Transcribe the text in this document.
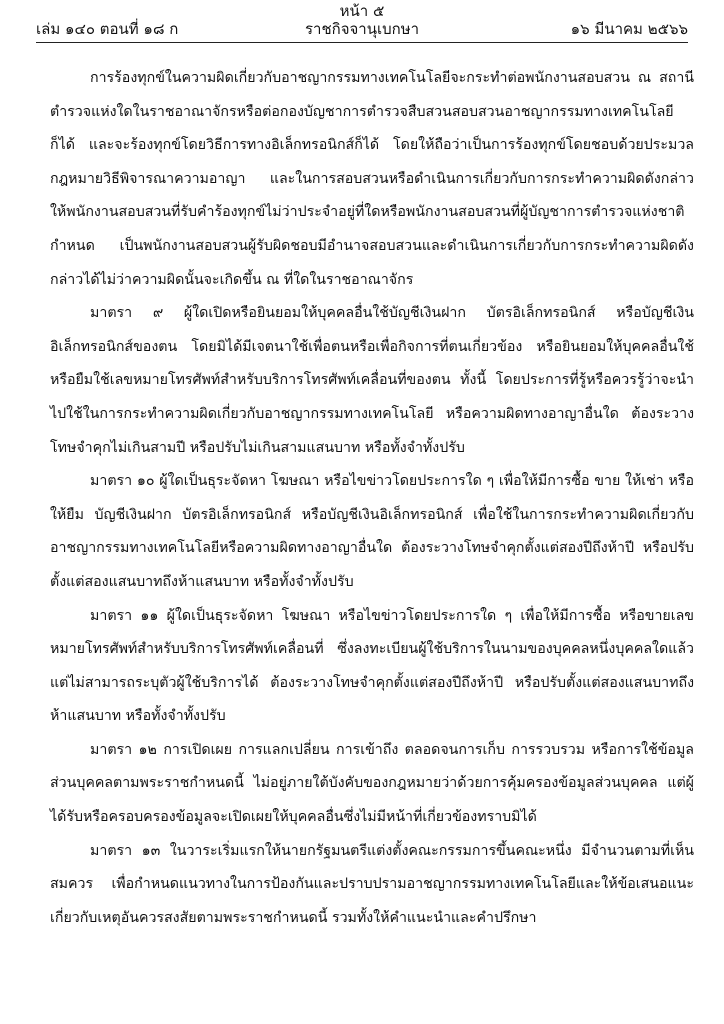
หน้า ๕
เล่ม ๑๔๐ ตอนที่ ๑๘ ก	ราชกิจจานุเบกษา	๑๖ มีนาคม ๒๕๖๖

การร้องทุกข์ในความผิดเกี่ยวกับอาชญากรรมทางเทคโนโลยีจะกระทำต่อพนักงานสอบสวน ณ สถานีตำรวจแห่งใดในราชอาณาจักรหรือต่อกองบัญชาการตำรวจสืบสวนสอบสวนอาชญากรรมทางเทคโนโลยีก็ได้ และจะร้องทุกข์โดยวิธีการทางอิเล็กทรอนิกส์ก็ได้ โดยให้ถือว่าเป็นการร้องทุกข์โดยชอบด้วยประมวลกฎหมายวิธีพิจารณาความอาญา และในการสอบสวนหรือดำเนินการเกี่ยวกับการกระทำความผิดดังกล่าว ให้พนักงานสอบสวนที่รับคำร้องทุกข์ไม่ว่าประจำอยู่ที่ใดหรือพนักงานสอบสวนที่ผู้บัญชาการตำรวจแห่งชาติกำหนด เป็นพนักงานสอบสวนผู้รับผิดชอบมีอำนาจสอบสวนและดำเนินการเกี่ยวกับการกระทำความผิดดังกล่าวได้ไม่ว่าความผิดนั้นจะเกิดขึ้น ณ ที่ใดในราชอาณาจักร

มาตรา ๙ ผู้ใดเปิดหรือยินยอมให้บุคคลอื่นใช้บัญชีเงินฝาก บัตรอิเล็กทรอนิกส์ หรือบัญชีเงินอิเล็กทรอนิกส์ของตน โดยมิได้มีเจตนาใช้เพื่อตนหรือเพื่อกิจการที่ตนเกี่ยวข้อง หรือยินยอมให้บุคคลอื่นใช้หรือยืมใช้เลขหมายโทรศัพท์สำหรับบริการโทรศัพท์เคลื่อนที่ของตน ทั้งนี้ โดยประการที่รู้หรือควรรู้ว่าจะนำไปใช้ในการกระทำความผิดเกี่ยวกับอาชญากรรมทางเทคโนโลยี หรือความผิดทางอาญาอื่นใด ต้องระวางโทษจำคุกไม่เกินสามปี หรือปรับไม่เกินสามแสนบาท หรือทั้งจำทั้งปรับ

มาตรา ๑๐ ผู้ใดเป็นธุระจัดหา โฆษณา หรือไขข่าวโดยประการใด ๆ เพื่อให้มีการซื้อ ขาย ให้เช่า หรือให้ยืม บัญชีเงินฝาก บัตรอิเล็กทรอนิกส์ หรือบัญชีเงินอิเล็กทรอนิกส์ เพื่อใช้ในการกระทำความผิดเกี่ยวกับอาชญากรรมทางเทคโนโลยีหรือความผิดทางอาญาอื่นใด ต้องระวางโทษจำคุกตั้งแต่สองปีถึงห้าปี หรือปรับตั้งแต่สองแสนบาทถึงห้าแสนบาท หรือทั้งจำทั้งปรับ

มาตรา ๑๑ ผู้ใดเป็นธุระจัดหา โฆษณา หรือไขข่าวโดยประการใด ๆ เพื่อให้มีการซื้อ หรือขายเลขหมายโทรศัพท์สำหรับบริการโทรศัพท์เคลื่อนที่ ซึ่งลงทะเบียนผู้ใช้บริการในนามของบุคคลหนึ่งบุคคลใดแล้ว แต่ไม่สามารถระบุตัวผู้ใช้บริการได้ ต้องระวางโทษจำคุกตั้งแต่สองปีถึงห้าปี หรือปรับตั้งแต่สองแสนบาทถึงห้าแสนบาท หรือทั้งจำทั้งปรับ

มาตรา ๑๒ การเปิดเผย การแลกเปลี่ยน การเข้าถึง ตลอดจนการเก็บ การรวบรวม หรือการใช้ข้อมูลส่วนบุคคลตามพระราชกำหนดนี้ ไม่อยู่ภายใต้บังคับของกฎหมายว่าด้วยการคุ้มครองข้อมูลส่วนบุคคล แต่ผู้ได้รับหรือครอบครองข้อมูลจะเปิดเผยให้บุคคลอื่นซึ่งไม่มีหน้าที่เกี่ยวข้องทราบมิได้

มาตรา ๑๓ ในวาระเริ่มแรกให้นายกรัฐมนตรีแต่งตั้งคณะกรรมการขึ้นคณะหนึ่ง มีจำนวนตามที่เห็นสมควร เพื่อกำหนดแนวทางในการป้องกันและปราบปรามอาชญากรรมทางเทคโนโลยีและให้ข้อเสนอแนะเกี่ยวกับเหตุอันควรสงสัยตามพระราชกำหนดนี้ รวมทั้งให้คำแนะนำและคำปรึกษา
